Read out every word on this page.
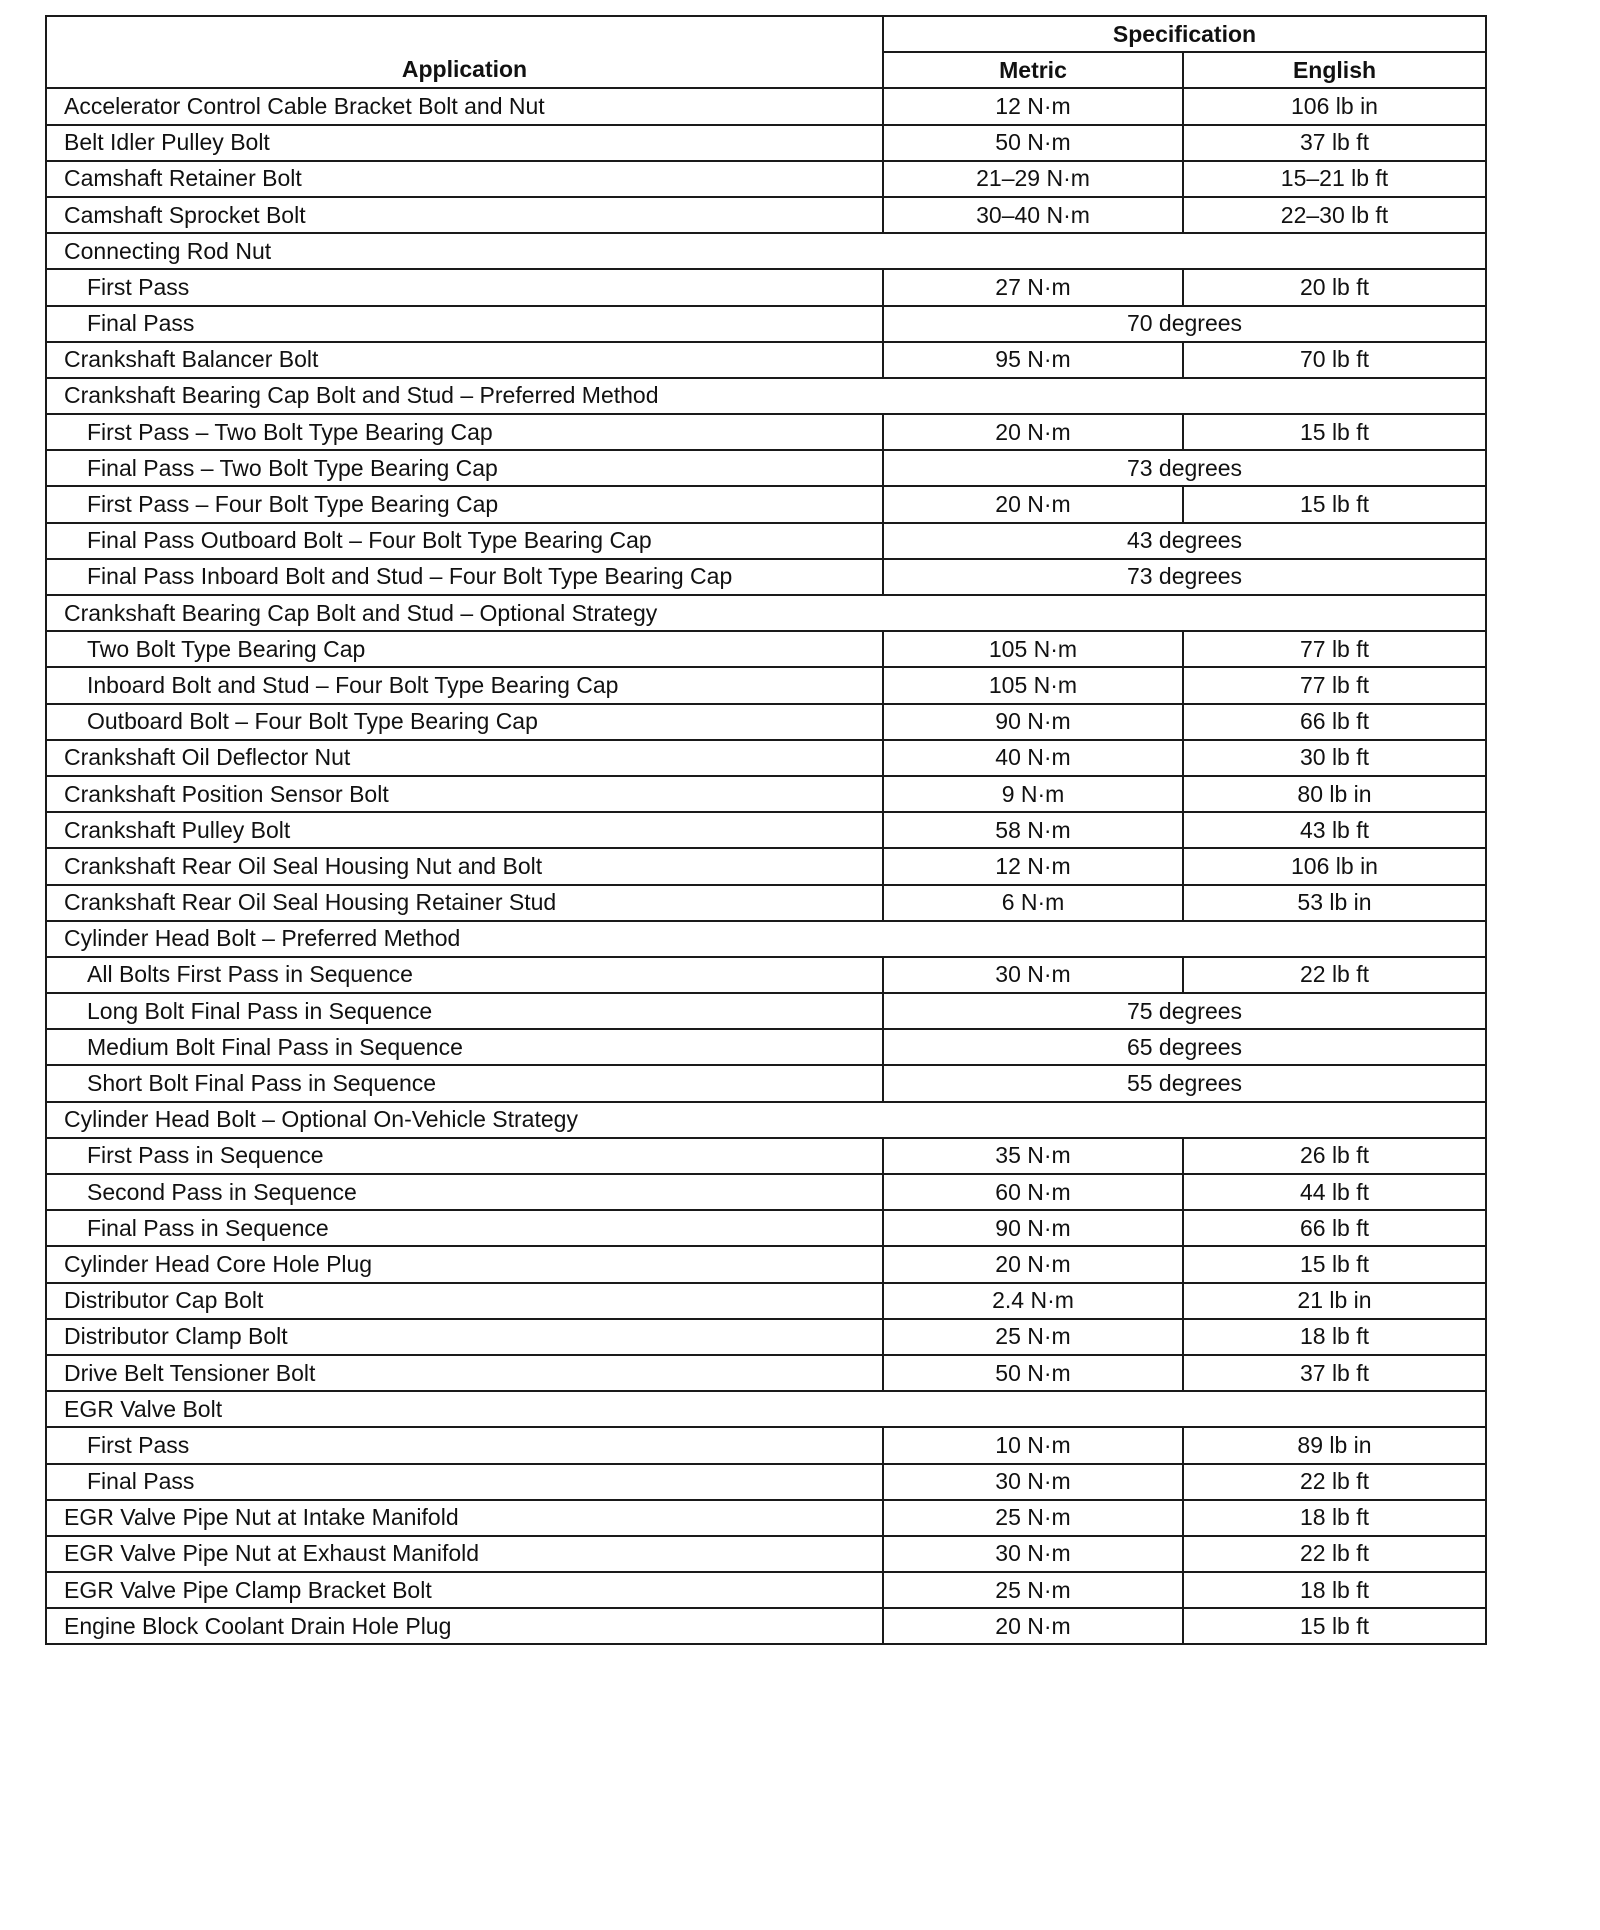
Application	Specification	
	Metric	English
Accelerator Control Cable Bracket Bolt and Nut	12 N·m	106 lb in
Belt Idler Pulley Bolt	50 N·m	37 lb ft
Camshaft Retainer Bolt	21–29 N·m	15–21 lb ft
Camshaft Sprocket Bolt	30–40 N·m	22–30 lb ft
Connecting Rod Nut		
First Pass	27 N·m	20 lb ft
Final Pass	70 degrees	
Crankshaft Balancer Bolt	95 N·m	70 lb ft
Crankshaft Bearing Cap Bolt and Stud – Preferred Method		
First Pass – Two Bolt Type Bearing Cap	20 N·m	15 lb ft
Final Pass – Two Bolt Type Bearing Cap	73 degrees	
First Pass – Four Bolt Type Bearing Cap	20 N·m	15 lb ft
Final Pass Outboard Bolt – Four Bolt Type Bearing Cap	43 degrees	
Final Pass Inboard Bolt and Stud – Four Bolt Type Bearing Cap	73 degrees	
Crankshaft Bearing Cap Bolt and Stud – Optional Strategy		
Two Bolt Type Bearing Cap	105 N·m	77 lb ft
Inboard Bolt and Stud – Four Bolt Type Bearing Cap	105 N·m	77 lb ft
Outboard Bolt – Four Bolt Type Bearing Cap	90 N·m	66 lb ft
Crankshaft Oil Deflector Nut	40 N·m	30 lb ft
Crankshaft Position Sensor Bolt	9 N·m	80 lb in
Crankshaft Pulley Bolt	58 N·m	43 lb ft
Crankshaft Rear Oil Seal Housing Nut and Bolt	12 N·m	106 lb in
Crankshaft Rear Oil Seal Housing Retainer Stud	6 N·m	53 lb in
Cylinder Head Bolt – Preferred Method		
All Bolts First Pass in Sequence	30 N·m	22 lb ft
Long Bolt Final Pass in Sequence	75 degrees	
Medium Bolt Final Pass in Sequence	65 degrees	
Short Bolt Final Pass in Sequence	55 degrees	
Cylinder Head Bolt – Optional On-Vehicle Strategy		
First Pass in Sequence	35 N·m	26 lb ft
Second Pass in Sequence	60 N·m	44 lb ft
Final Pass in Sequence	90 N·m	66 lb ft
Cylinder Head Core Hole Plug	20 N·m	15 lb ft
Distributor Cap Bolt	2.4 N·m	21 lb in
Distributor Clamp Bolt	25 N·m	18 lb ft
Drive Belt Tensioner Bolt	50 N·m	37 lb ft
EGR Valve Bolt		
First Pass	10 N·m	89 lb in
Final Pass	30 N·m	22 lb ft
EGR Valve Pipe Nut at Intake Manifold	25 N·m	18 lb ft
EGR Valve Pipe Nut at Exhaust Manifold	30 N·m	22 lb ft
EGR Valve Pipe Clamp Bracket Bolt	25 N·m	18 lb ft
Engine Block Coolant Drain Hole Plug	20 N·m	15 lb ft
